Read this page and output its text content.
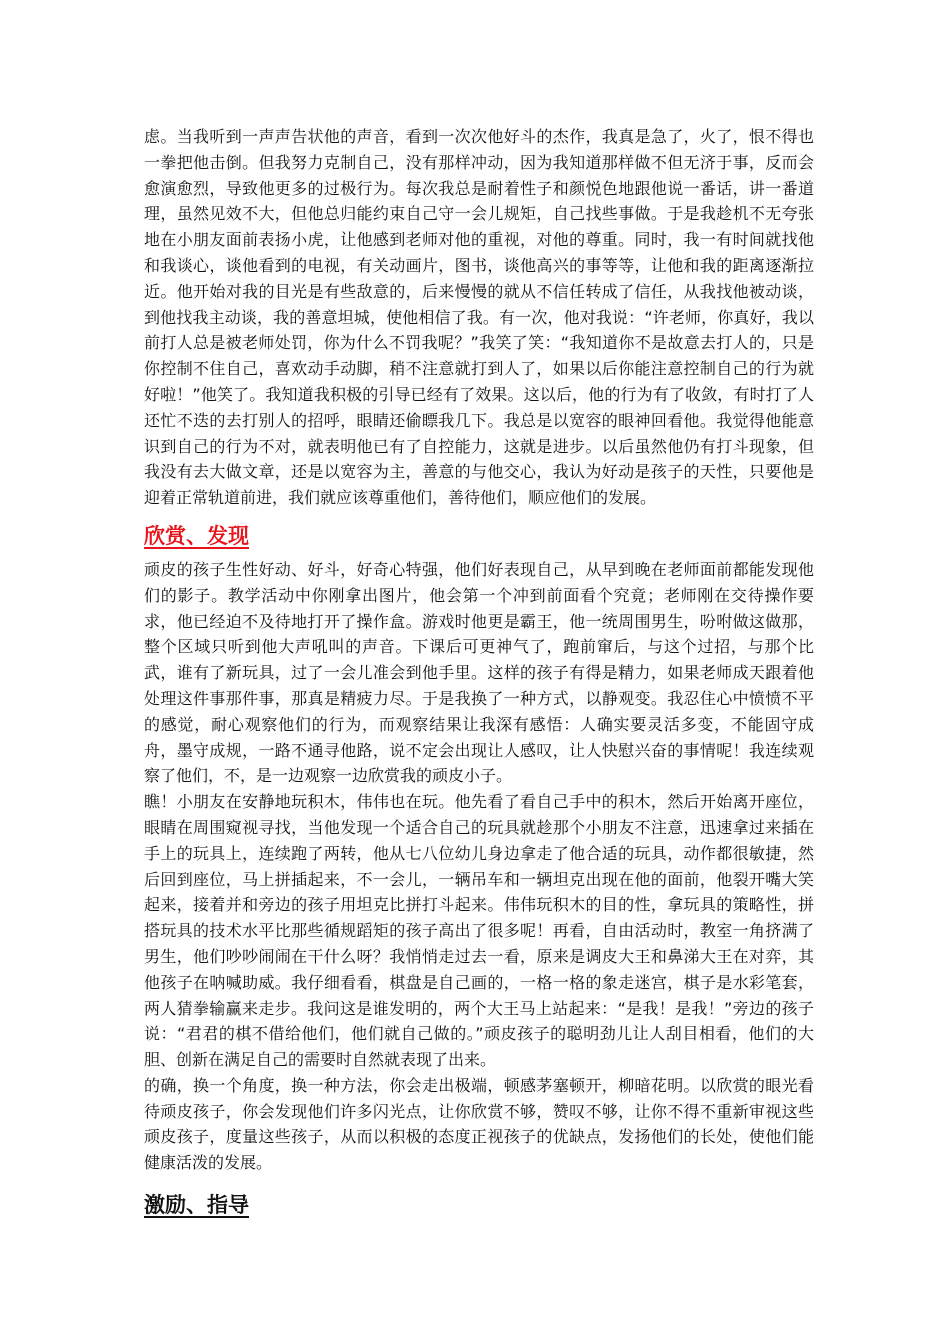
虑。当我听到一声声告状他的声音，看到一次次他好斗的杰作，我真是急了，火了，恨不得也一拳把他击倒。但我努力克制自己，没有那样冲动，因为我知道那样做不但无济于事，反而会愈演愈烈，导致他更多的过极行为。每次我总是耐着性子和颜悦色地跟他说一番话，讲一番道理，虽然见效不大，但他总归能约束自己守一会儿规矩，自己找些事做。于是我趁机不无夸张地在小朋友面前表扬小虎，让他感到老师对他的重视，对他的尊重。同时，我一有时间就找他和我谈心，谈他看到的电视，有关动画片，图书，谈他高兴的事等等，让他和我的距离逐渐拉近。他开始对我的目光是有些敌意的，后来慢慢的就从不信任转成了信任，从我找他被动谈，到他找我主动谈，我的善意坦城，使他相信了我。有一次，他对我说：“许老师，你真好，我以前打人总是被老师处罚，你为什么不罚我呢？”我笑了笑：“我知道你不是故意去打人的，只是你控制不住自己，喜欢动手动脚，稍不注意就打到人了，如果以后你能注意控制自己的行为就好啦！”他笑了。我知道我积极的引导已经有了效果。这以后，他的行为有了收敛，有时打了人还忙不迭的去打别人的招呼，眼睛还偷瞟我几下。我总是以宽容的眼神回看他。我觉得他能意识到自己的行为不对，就表明他已有了自控能力，这就是进步。以后虽然他仍有打斗现象，但我没有去大做文章，还是以宽容为主，善意的与他交心，我认为好动是孩子的天性，只要他是迎着正常轨道前进，我们就应该尊重他们，善待他们，顺应他们的发展。

欣赏、发现

顽皮的孩子生性好动、好斗，好奇心特强，他们好表现自己，从早到晚在老师面前都能发现他们的影子。教学活动中你刚拿出图片，他会第一个冲到前面看个究竟；老师刚在交待操作要求，他已经迫不及待地打开了操作盒。游戏时他更是霸王，他一统周围男生，吩咐做这做那，整个区域只听到他大声吼叫的声音。下课后可更神气了，跑前窜后，与这个过招，与那个比武，谁有了新玩具，过了一会儿准会到他手里。这样的孩子有得是精力，如果老师成天跟着他处理这件事那件事，那真是精疲力尽。于是我换了一种方式，以静观变。我忍住心中愤愤不平的感觉，耐心观察他们的行为，而观察结果让我深有感悟：人确实要灵活多变，不能固守成舟，墨守成规，一路不通寻他路，说不定会出现让人感叹，让人快慰兴奋的事情呢！我连续观察了他们，不，是一边观察一边欣赏我的顽皮小子。

瞧！小朋友在安静地玩积木，伟伟也在玩。他先看了看自己手中的积木，然后开始离开座位，眼睛在周围窥视寻找，当他发现一个适合自己的玩具就趁那个小朋友不注意，迅速拿过来插在手上的玩具上，连续跑了两转，他从七八位幼儿身边拿走了他合适的玩具，动作都很敏捷，然后回到座位，马上拼插起来，不一会儿，一辆吊车和一辆坦克出现在他的面前，他裂开嘴大笑起来，接着并和旁边的孩子用坦克比拼打斗起来。伟伟玩积木的目的性，拿玩具的策略性，拼搭玩具的技术水平比那些循规蹈矩的孩子高出了很多呢！再看，自由活动时，教室一角挤满了男生，他们吵吵闹闹在干什么呀？我悄悄走过去一看，原来是调皮大王和鼻涕大王在对弈，其他孩子在呐喊助威。我仔细看看，棋盘是自己画的，一格一格的象走迷宫，棋子是水彩笔套，两人猜拳输赢来走步。我问这是谁发明的，两个大王马上站起来：“是我！是我！”旁边的孩子说：“君君的棋不借给他们，他们就自己做的。”顽皮孩子的聪明劲儿让人刮目相看，他们的大胆、创新在满足自己的需要时自然就表现了出来。

的确，换一个角度，换一种方法，你会走出极端，顿感茅塞顿开，柳暗花明。以欣赏的眼光看待顽皮孩子，你会发现他们许多闪光点，让你欣赏不够，赞叹不够，让你不得不重新审视这些顽皮孩子，度量这些孩子，从而以积极的态度正视孩子的优缺点，发扬他们的长处，使他们能健康活泼的发展。

激励、指导
